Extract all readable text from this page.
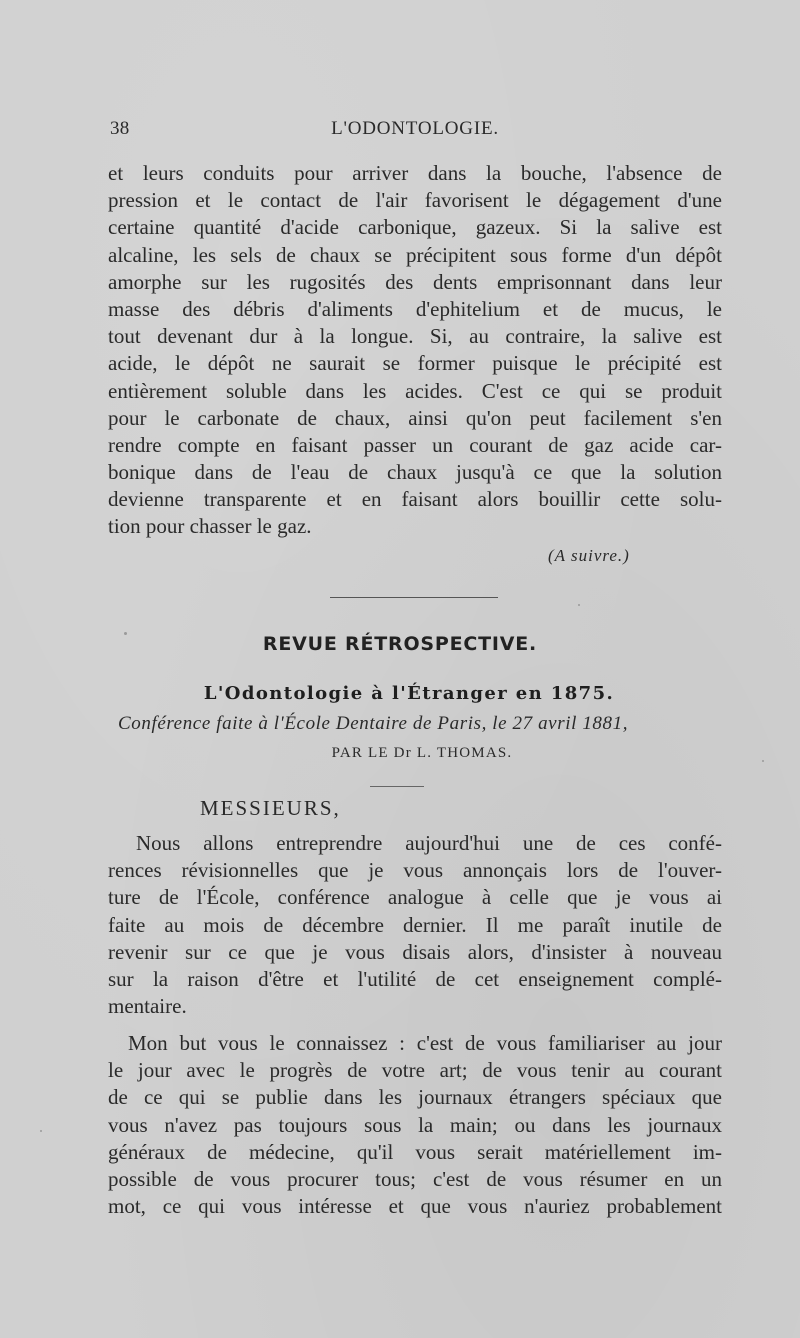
38	L'ODONTOLOGIE.
et leurs conduits pour arriver dans la bouche, l'absence de
pression et le contact de l'air favorisent le dégagement d'une
certaine quantité d'acide carbonique, gazeux. Si la salive est
alcaline, les sels de chaux se précipitent sous forme d'un dépôt
amorphe sur les rugosités des dents emprisonnant dans leur
masse des débris d'aliments d'ephitelium et de mucus, le
tout devenant dur à la longue. Si, au contraire, la salive est
acide, le dépôt ne saurait se former puisque le précipité est
entièrement soluble dans les acides. C'est ce qui se produit
pour le carbonate de chaux, ainsi qu'on peut facilement s'en
rendre compte en faisant passer un courant de gaz acide car-
bonique dans de l'eau de chaux jusqu'à ce que la solution
devienne transparente et en faisant alors bouillir cette solu-
tion pour chasser le gaz.
(A suivre.)
REVUE RÉTROSPECTIVE.
L'Odontologie à l'Étranger en 1875.
Conférence faite à l'École Dentaire de Paris, le 27 avril 1881,
PAR LE Dr L. THOMAS.
MESSIEURS,
Nous allons entreprendre aujourd'hui une de ces confé-
rences révisionnelles que je vous annonçais lors de l'ouver-
ture de l'École, conférence analogue à celle que je vous ai
faite au mois de décembre dernier. Il me paraît inutile de
revenir sur ce que je vous disais alors, d'insister à nouveau
sur la raison d'être et l'utilité de cet enseignement complé-
mentaire.
Mon but vous le connaissez : c'est de vous familiariser au jour
le jour avec le progrès de votre art; de vous tenir au courant
de ce qui se publie dans les journaux étrangers spéciaux que
vous n'avez pas toujours sous la main; ou dans les journaux
généraux de médecine, qu'il vous serait matériellement im-
possible de vous procurer tous; c'est de vous résumer en un
mot, ce qui vous intéresse et que vous n'auriez probablement
